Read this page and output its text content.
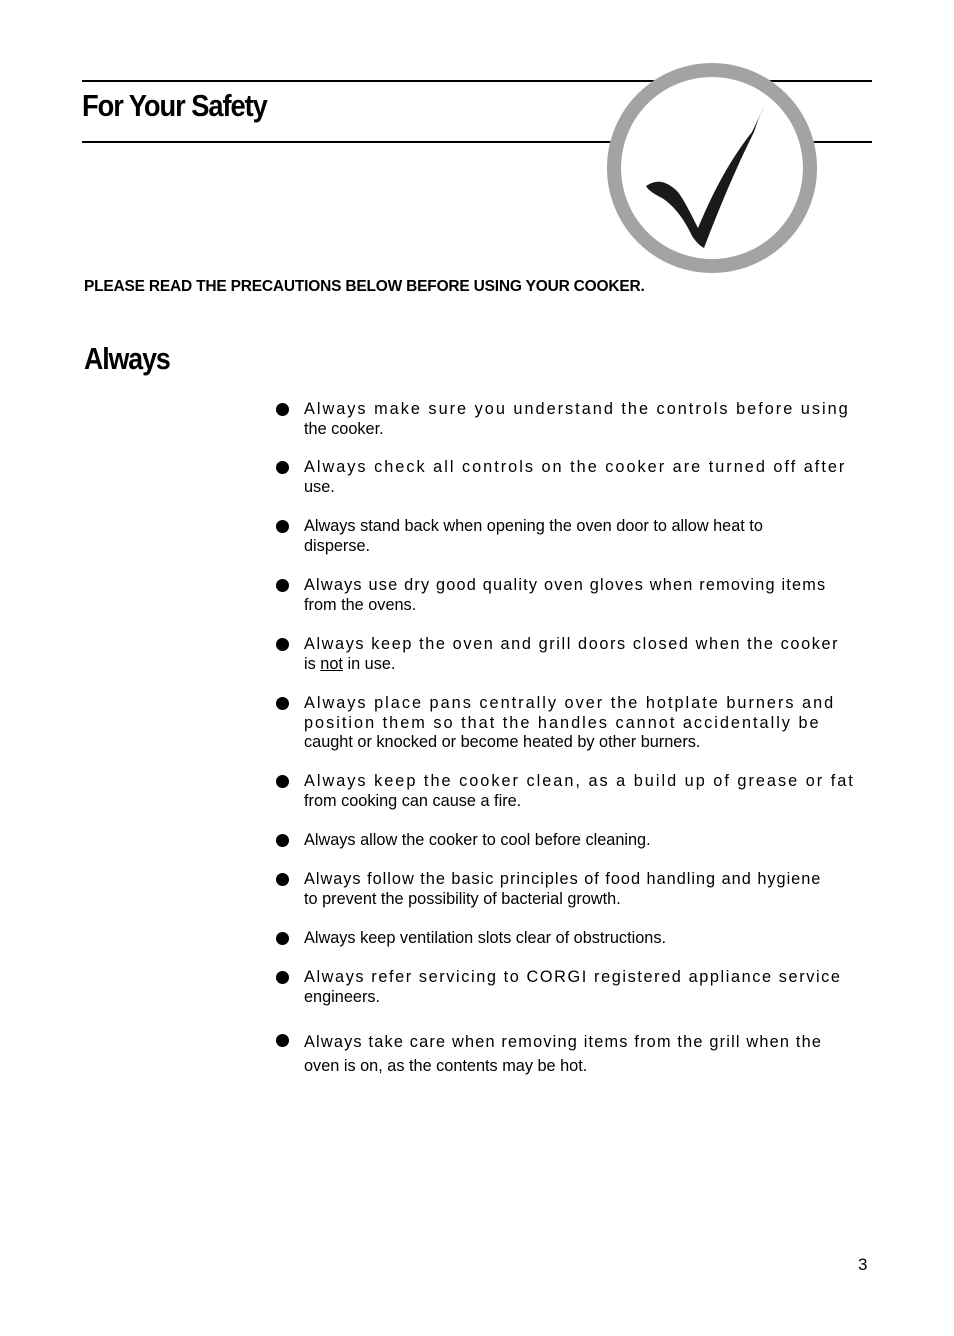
For Your Safety

PLEASE READ THE PRECAUTIONS BELOW BEFORE USING YOUR COOKER.

Always
Always make sure you understand the controls before using
the cooker.
Always check all controls on the cooker are turned off after
use.
Always stand back when opening the oven door to allow heat to
disperse.
Always use dry good quality oven gloves when removing items
from the ovens.
Always keep the oven and grill doors closed when the cooker
is not in use.
Always place pans centrally over the hotplate burners and
position them so that the handles cannot accidentally be
caught or knocked or become heated by other burners.
Always keep the cooker clean, as a build up of grease or fat
from cooking can cause a fire.
Always allow the cooker to cool before cleaning.
Always follow the basic principles of food handling and hygiene
to prevent the possibility of bacterial growth.
Always keep ventilation slots clear of obstructions.
Always refer servicing to CORGI registered appliance service
engineers.
Always take care when removing items from the grill when the
oven is on, as the contents may be hot.
3
